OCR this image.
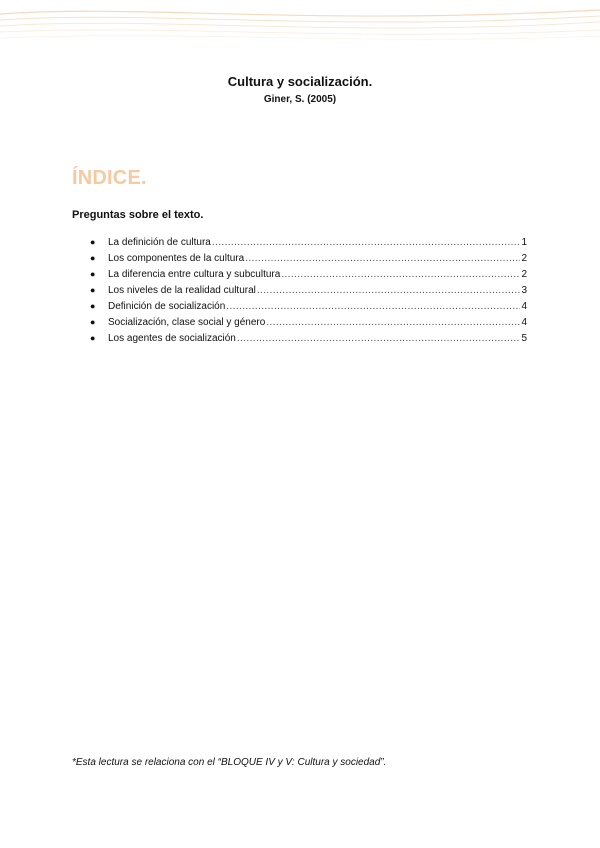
Cultura y socialización.

Giner, S. (2005)

ÍNDICE.
Preguntas sobre el texto.
●	La definición de cultura .....	1
●	Los componentes de la cultura .....	2
●	La diferencia entre cultura y subcultura .....	2
●	Los niveles de la realidad cultural .....	3
●	Definición de socialización .....	4
●	Socialización, clase social y género .....	4
●	Los agentes de socialización .....	5

*Esta lectura se relaciona con el “BLOQUE IV y V: Cultura y sociedad”.
